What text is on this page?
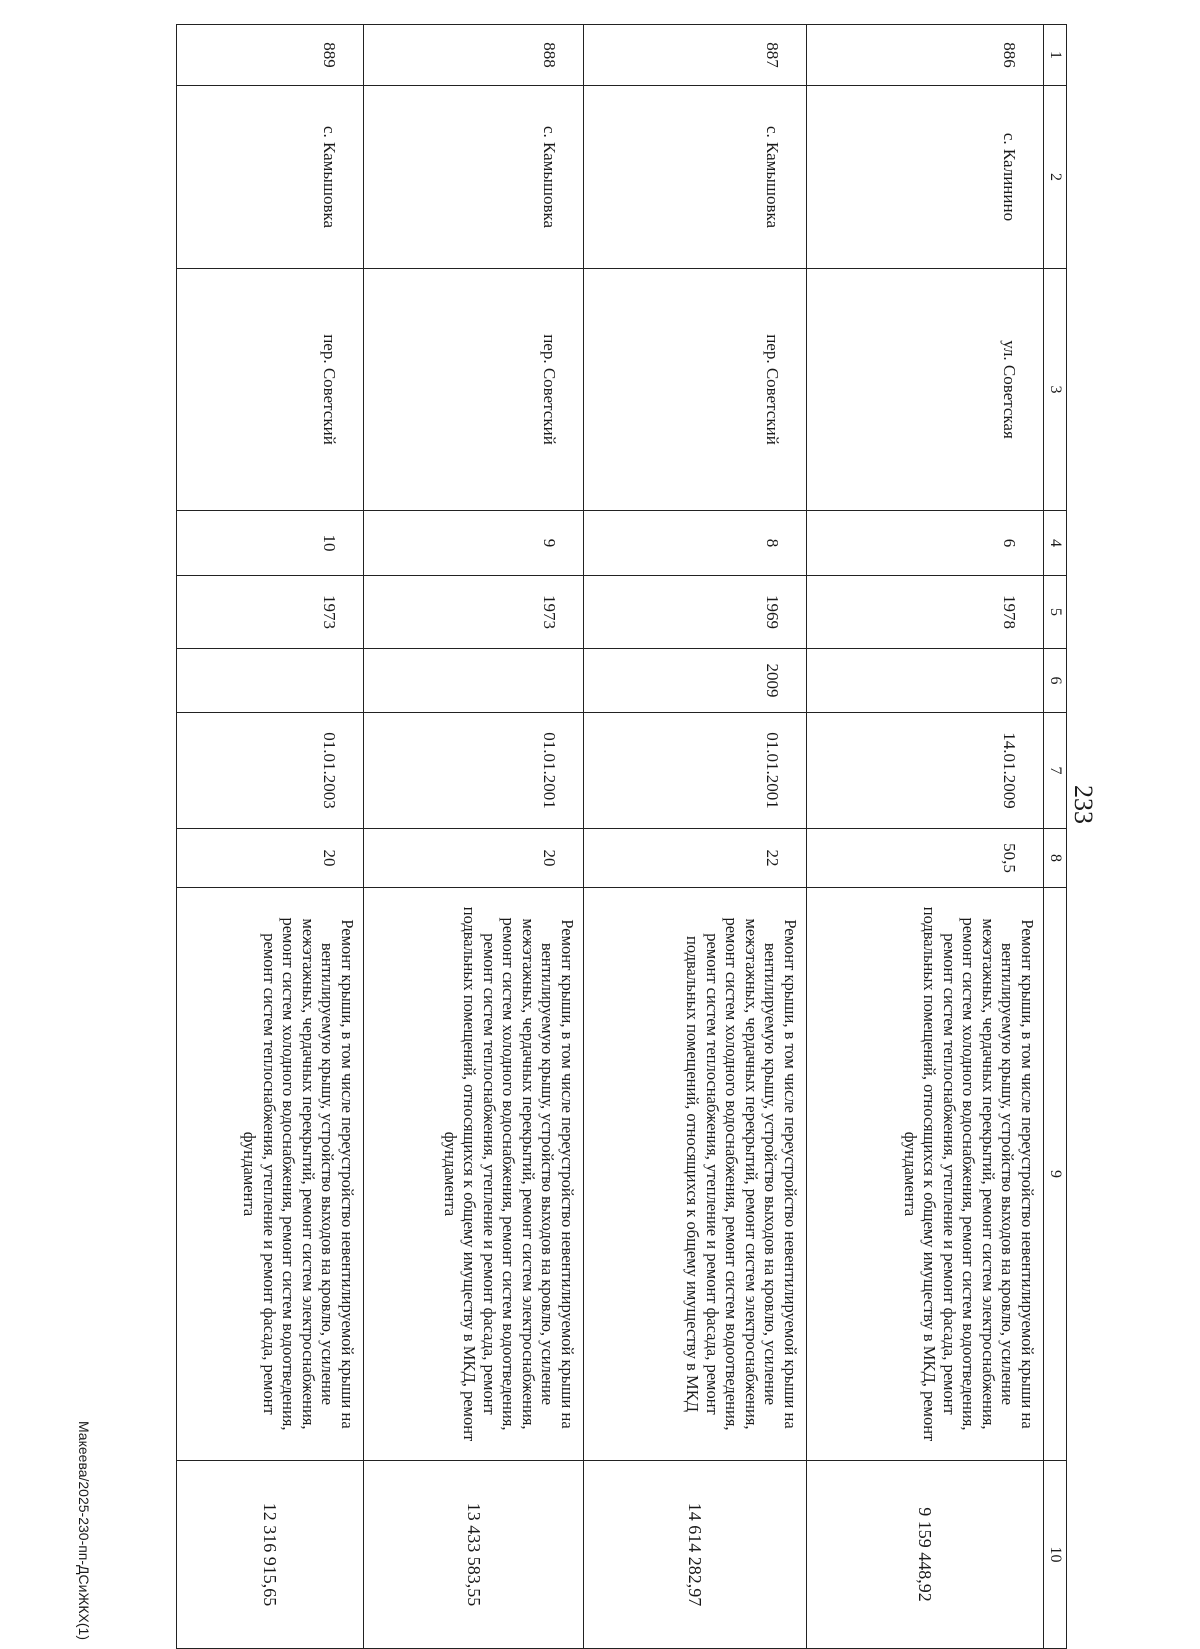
233
1	2	3	4	5	6	7	8	9	10
886	с. Калинино	ул. Советская	6	1978		14.01.2009	50,5	Ремонт крыши, в том числе переустройство невентилируемой крыши на вентилируемую крышу, устройство выходов на кровлю, усиление межэтажных, чердачных перекрытий, ремонт систем электроснабжения, ремонт систем холодного водоснабжения, ремонт систем водоотведения, ремонт систем теплоснабжения, утепление и ремонт фасада, ремонт подвальных помещений, относящихся к общему имуществу в МКД, ремонт фундамента	9 159 448,92
887	с. Камышовка	пер. Советский	8	1969	2009	01.01.2001	22	Ремонт крыши, в том числе переустройство невентилируемой крыши на вентилируемую крышу, устройство выходов на кровлю, усиление межэтажных, чердачных перекрытий, ремонт систем электроснабжения, ремонт систем холодного водоснабжения, ремонт систем водоотведения, ремонт систем теплоснабжения, утепление и ремонт фасада, ремонт подвальных помещений, относящихся к общему имуществу в МКД	14 614 282,97
888	с. Камышовка	пер. Советский	9	1973		01.01.2001	20	Ремонт крыши, в том числе переустройство невентилируемой крыши на вентилируемую крышу, устройство выходов на кровлю, усиление межэтажных, чердачных перекрытий, ремонт систем электроснабжения, ремонт систем холодного водоснабжения, ремонт систем водоотведения, ремонт систем теплоснабжения, утепление и ремонт фасада, ремонт подвальных помещений, относящихся к общему имуществу в МКД, ремонт фундамента	13 433 583,55
889	с. Камышовка	пер. Советский	10	1973		01.01.2003	20	Ремонт крыши, в том числе переустройство невентилируемой крыши на вентилируемую крышу, устройство выходов на кровлю, усиление межэтажных, чердачных перекрытий, ремонт систем электроснабжения, ремонт систем холодного водоснабжения, ремонт систем водоотведения, ремонт систем теплоснабжения, утепление и ремонт фасада, ремонт фундамента	12 316 915,65
Макеева/2025-230-пп-ДСиЖКХ(1)
